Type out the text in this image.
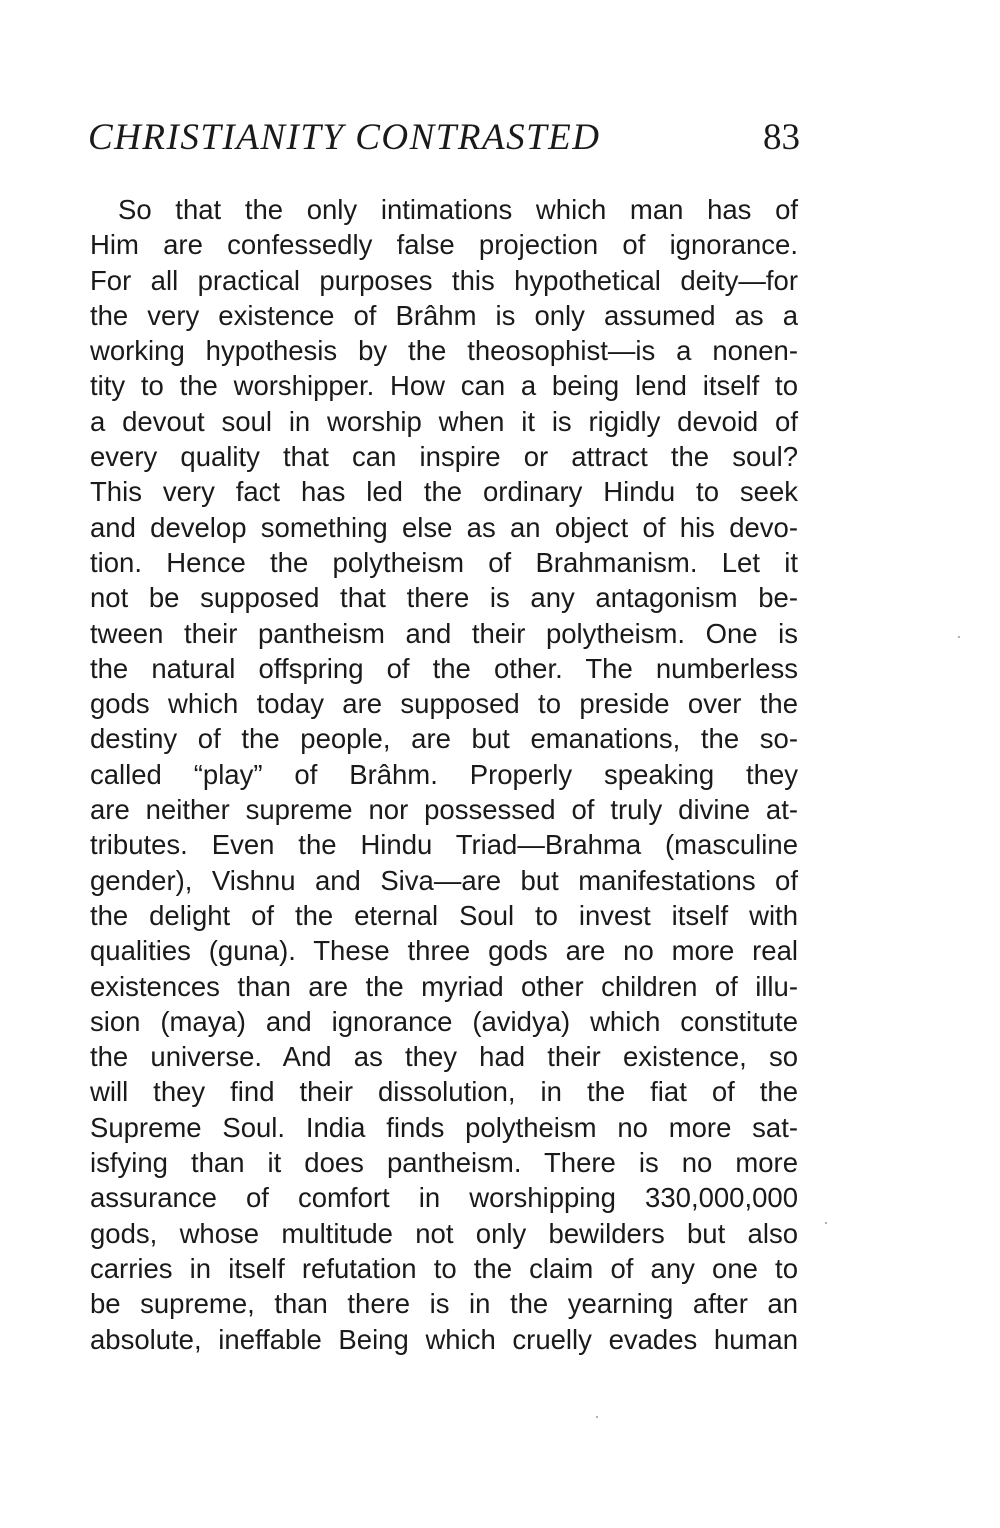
CHRISTIANITY CONTRASTED	83
So that the only intimations which man has of
Him are confessedly false projection of ignorance.
For all practical purposes this hypothetical deity—for
the very existence of Brâhm is only assumed as a
working hypothesis by the theosophist—is a nonen-
tity to the worshipper. How can a being lend itself to
a devout soul in worship when it is rigidly devoid of
every quality that can inspire or attract the soul?
This very fact has led the ordinary Hindu to seek
and develop something else as an object of his devo-
tion. Hence the polytheism of Brahmanism. Let it
not be supposed that there is any antagonism be-
tween their pantheism and their polytheism. One is
the natural offspring of the other. The numberless
gods which today are supposed to preside over the
destiny of the people, are but emanations, the so-
called “play” of Brâhm. Properly speaking they
are neither supreme nor possessed of truly divine at-
tributes. Even the Hindu Triad—Brahma (masculine
gender), Vishnu and Siva—are but manifestations of
the delight of the eternal Soul to invest itself with
qualities (guna). These three gods are no more real
existences than are the myriad other children of illu-
sion (maya) and ignorance (avidya) which constitute
the universe. And as they had their existence, so
will they find their dissolution, in the fiat of the
Supreme Soul. India finds polytheism no more sat-
isfying than it does pantheism. There is no more
assurance of comfort in worshipping 330,000,000
gods, whose multitude not only bewilders but also
carries in itself refutation to the claim of any one to
be supreme, than there is in the yearning after an
absolute, ineffable Being which cruelly evades human
